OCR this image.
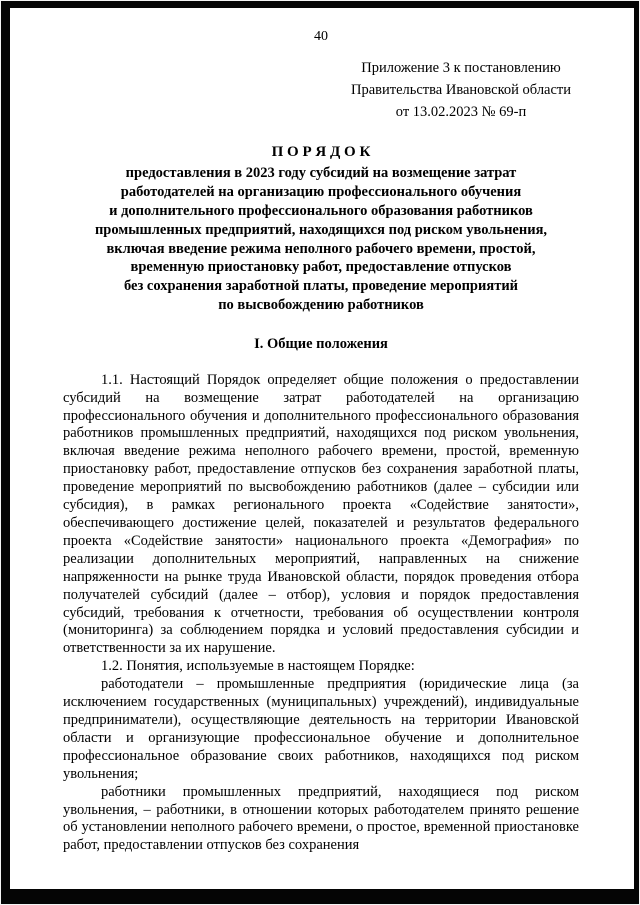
40
Приложение 3 к постановлению
Правительства Ивановской области
от 13.02.2023 № 69-п
П О Р Я Д О К
предоставления в 2023 году субсидий на возмещение затрат
работодателей на организацию профессионального обучения
и дополнительного профессионального образования работников
промышленных предприятий, находящихся под риском увольнения,
включая введение режима неполного рабочего времени, простой,
временную приостановку работ, предоставление отпусков
без сохранения заработной платы, проведение мероприятий
по высвобождению работников
I. Общие положения

1.1. Настоящий Порядок определяет общие положения о предоставлении субсидий на возмещение затрат работодателей на организацию профессионального обучения и дополнительного профессионального образования работников промышленных предприятий, находящихся под риском увольнения, включая введение режима неполного рабочего времени, простой, временную приостановку работ, предоставление отпусков без сохранения заработной платы, проведение мероприятий по высвобождению работников (далее – субсидии или субсидия), в рамках регионального проекта «Содействие занятости», обеспечивающего достижение целей, показателей и результатов федерального проекта «Содействие занятости» национального проекта «Демография» по реализации дополнительных мероприятий, направленных на снижение напряженности на рынке труда Ивановской области, порядок проведения отбора получателей субсидий (далее – отбор), условия и порядок предоставления субсидий, требования к отчетности, требования об осуществлении контроля (мониторинга) за соблюдением порядка и условий предоставления субсидии и ответственности за их нарушение.

1.2. Понятия, используемые в настоящем Порядке:

работодатели – промышленные предприятия (юридические лица (за исключением государственных (муниципальных) учреждений), индивидуальные предприниматели), осуществляющие деятельность на территории Ивановской области и организующие профессиональное обучение и дополнительное профессиональное образование своих работников, находящихся под риском увольнения;

работники промышленных предприятий, находящиеся под риском увольнения, – работники, в отношении которых работодателем принято решение об установлении неполного рабочего времени, о простое, временной приостановке работ, предоставлении отпусков без сохранения
